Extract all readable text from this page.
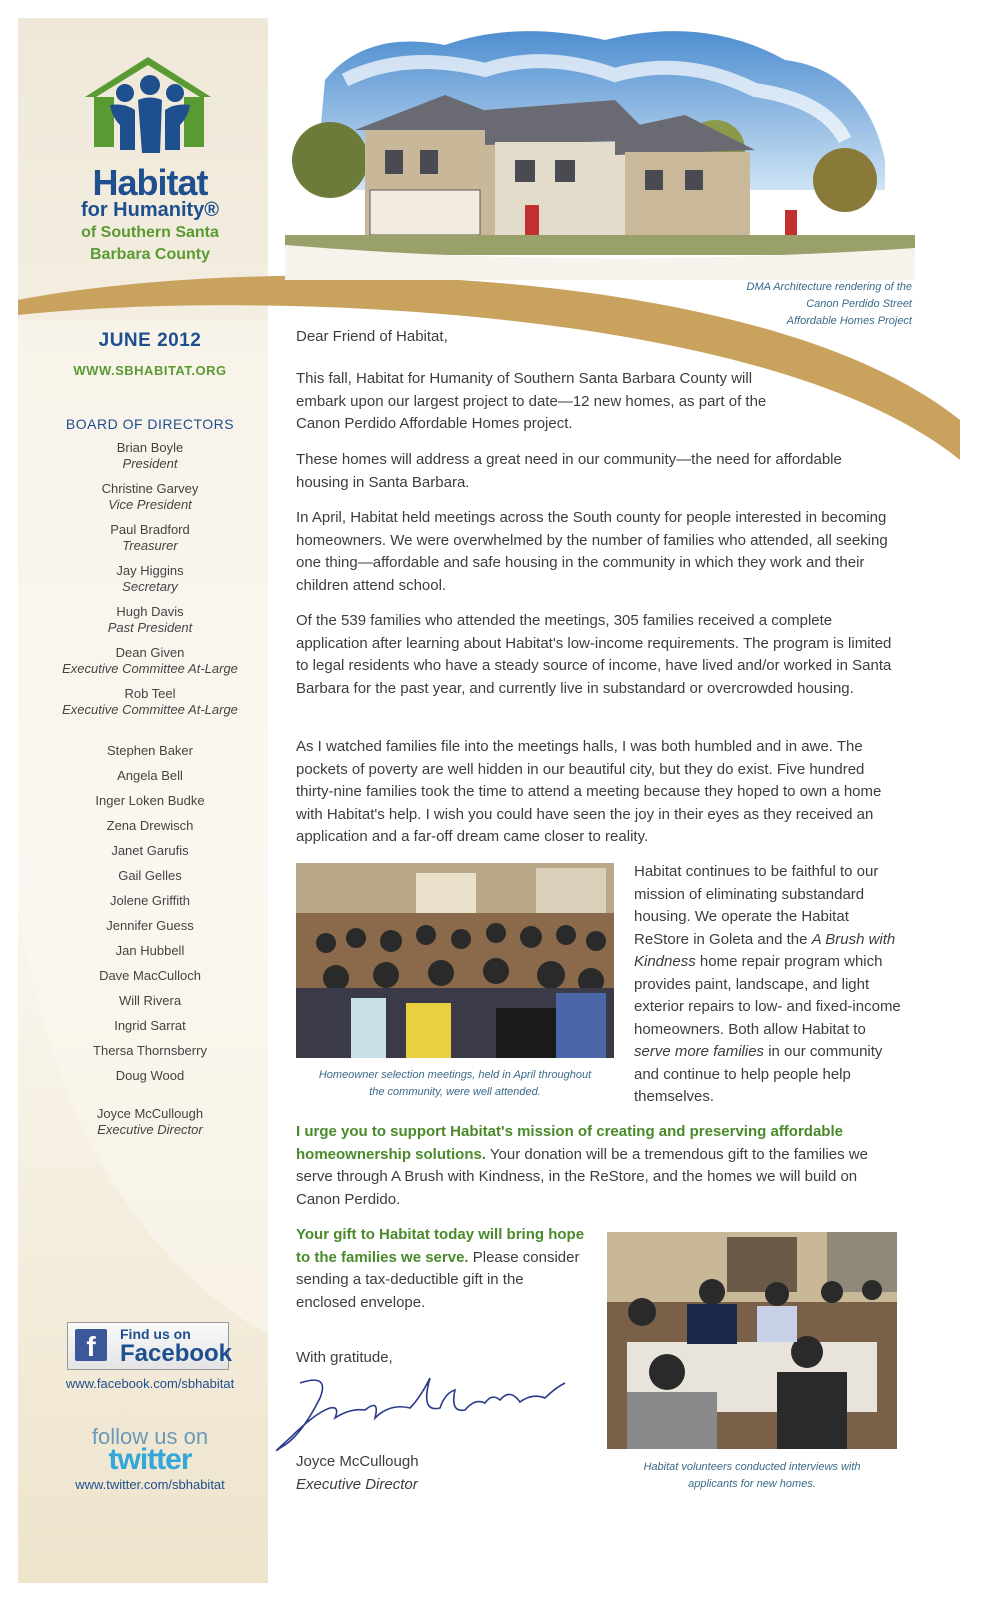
Habitat
for Humanity®
of Southern Santa
Barbara County
DMA Architecture rendering of the
Canon Perdido Street
Affordable Homes Project
JUNE 2012
WWW.SBHABITAT.ORG
BOARD OF DIRECTORS
Brian Boyle
President
Christine Garvey
Vice President
Paul Bradford
Treasurer
Jay Higgins
Secretary
Hugh Davis
Past President
Dean Given
Executive Committee At-Large
Rob Teel
Executive Committee At-Large
Stephen Baker
Angela Bell
Inger Loken Budke
Zena Drewisch
Janet Garufis
Gail Gelles
Jolene Griffith
Jennifer Guess
Jan Hubbell
Dave MacCulloch
Will Rivera
Ingrid Sarrat
Thersa Thornsberry
Doug Wood
Joyce McCullough
Executive Director
f	Find us on
Facebook
www.facebook.com/sbhabitat
follow us on
twitter
www.twitter.com/sbhabitat
Dear Friend of Habitat,
This fall, Habitat for Humanity of Southern Santa Barbara County will embark upon our largest project to date—12 new homes, as part of the Canon Perdido Affordable Homes project.
These homes will address a great need in our community—the need for affordable housing in Santa Barbara.
In April, Habitat held meetings across the South county for people interested in becoming homeowners. We were overwhelmed by the number of families who attended, all seeking one thing—affordable and safe housing in the community in which they work and their children attend school.
Of the 539 families who attended the meetings, 305 families received a complete application after learning about Habitat's low-income requirements. The program is limited to legal residents who have a steady source of income, have lived and/or worked in Santa Barbara for the past year, and currently live in substandard or overcrowded housing.
As I watched families file into the meetings halls, I was both humbled and in awe. The pockets of poverty are well hidden in our beautiful city, but they do exist. Five hundred thirty-nine families took the time to attend a meeting because they hoped to own a home with Habitat's help. I wish you could have seen the joy in their eyes as they received an application and a far-off dream came closer to reality.
Homeowner selection meetings, held in April throughout
the community, were well attended.
Habitat continues to be faithful to our mission of eliminating substandard housing. We operate the Habitat ReStore in Goleta and the A Brush with Kindness home repair program which provides paint, landscape, and light exterior repairs to low- and fixed-income homeowners. Both allow Habitat to serve more families in our community and continue to help people help themselves.
I urge you to support Habitat's mission of creating and preserving affordable homeownership solutions. Your donation will be a tremendous gift to the families we serve through A Brush with Kindness, in the ReStore, and the homes we will build on Canon Perdido.
Your gift to Habitat today will bring hope to the families we serve. Please consider sending a tax-deductible gift in the enclosed envelope.
With gratitude,
Joyce McCullough
Executive Director
Habitat volunteers conducted interviews with
applicants for new homes.
